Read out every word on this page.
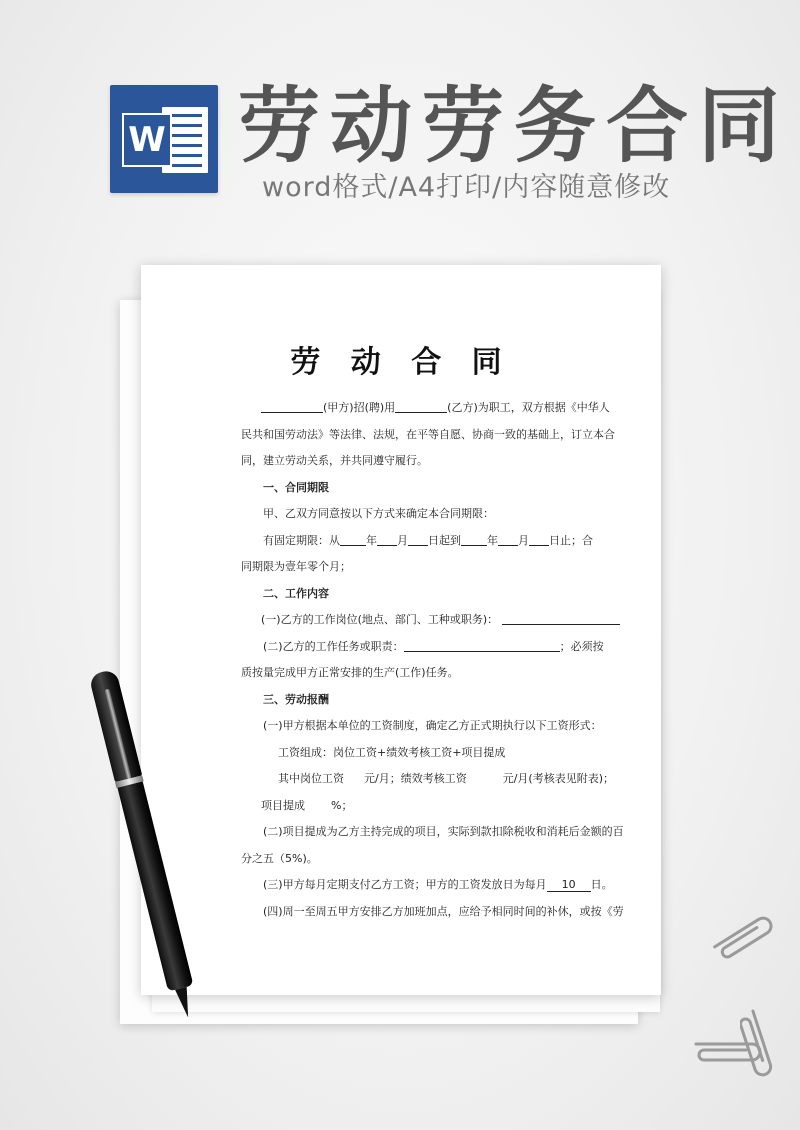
W 劳动劳务合同
word格式/A4打印/内容随意修改
劳 动 合 同

(甲方)招(聘)用	(乙方)为职工，双方根据《中华人

民共和国劳动法》等法律、法规，在平等自愿、协商一致的基础上，订立本合

同，建立劳动关系，并共同遵守履行。

一、合同期限

甲、乙双方同意按以下方式来确定本合同期限：

有固定期限：从 年 月 日起到 年 月 日止；合

同期限为壹年零个月；

二、工作内容

(一)乙方的工作岗位(地点、部门、工种或职务)：

(二)乙方的工作任务或职责：	；必须按

质按量完成甲方正常安排的生产(工作)任务。

三、劳动报酬

(一)甲方根据本单位的工资制度，确定乙方正式期执行以下工资形式：

工资组成：岗位工资+绩效考核工资+项目提成

其中岗位工资 元/月；绩效考核工资	元/月(考核表见附表)；

项目提成 %；

(二)项目提成为乙方主持完成的项目，实际到款扣除税收和消耗后金额的百

分之五（5%)。

(三)甲方每月定期支付乙方工资；甲方的工资发放日为每月 10 日。

(四)周一至周五甲方安排乙方加班加点，应给予相同时间的补休，或按《劳
